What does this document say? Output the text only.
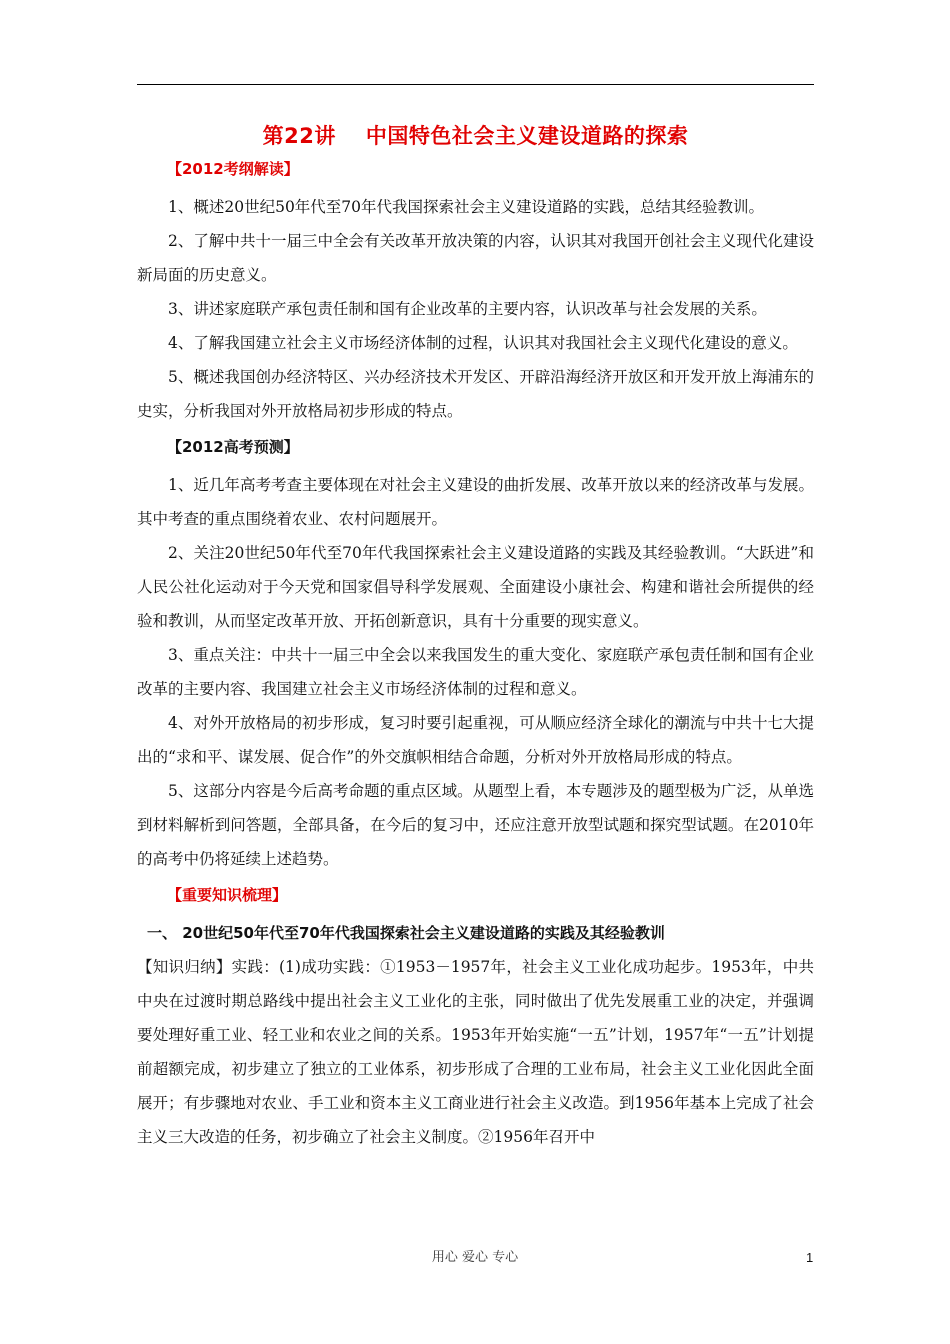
第22讲 中国特色社会主义建设道路的探索
【2012考纲解读】

1、概述20世纪50年代至70年代我国探索社会主义建设道路的实践，总结其经验教训。

2、了解中共十一届三中全会有关改革开放决策的内容，认识其对我国开创社会主义现代化建设新局面的历史意义。

3、讲述家庭联产承包责任制和国有企业改革的主要内容，认识改革与社会发展的关系。

4、了解我国建立社会主义市场经济体制的过程，认识其对我国社会主义现代化建设的意义。

5、概述我国创办经济特区、兴办经济技术开发区、开辟沿海经济开放区和开发开放上海浦东的史实，分析我国对外开放格局初步形成的特点。

【2012高考预测】

1、近几年高考考查主要体现在对社会主义建设的曲折发展、改革开放以来的经济改革与发展。其中考查的重点围绕着农业、农村问题展开。

2、关注20世纪50年代至70年代我国探索社会主义建设道路的实践及其经验教训。“大跃进”和人民公社化运动对于今天党和国家倡导科学发展观、全面建设小康社会、构建和谐社会所提供的经验和教训，从而坚定改革开放、开拓创新意识，具有十分重要的现实意义。

3、重点关注：中共十一届三中全会以来我国发生的重大变化、家庭联产承包责任制和国有企业改革的主要内容、我国建立社会主义市场经济体制的过程和意义。

4、对外开放格局的初步形成，复习时要引起重视，可从顺应经济全球化的潮流与中共十七大提出的“求和平、谋发展、促合作”的外交旗帜相结合命题，分析对外开放格局形成的特点。

5、这部分内容是今后高考命题的重点区域。从题型上看，本专题涉及的题型极为广泛，从单选到材料解析到问答题，全部具备，在今后的复习中，还应注意开放型试题和探究型试题。在2010年的高考中仍将延续上述趋势。

【重要知识梳理】

一、 20世纪50年代至70年代我国探索社会主义建设道路的实践及其经验教训

【知识归纳】实践：(1)成功实践：①1953－1957年，社会主义工业化成功起步。1953年，中共中央在过渡时期总路线中提出社会主义工业化的主张，同时做出了优先发展重工业的决定，并强调要处理好重工业、轻工业和农业之间的关系。1953年开始实施“一五”计划，1957年“一五”计划提前超额完成，初步建立了独立的工业体系，初步形成了合理的工业布局，社会主义工业化因此全面展开；有步骤地对农业、手工业和资本主义工商业进行社会主义改造。到1956年基本上完成了社会主义三大改造的任务，初步确立了社会主义制度。②1956年召开中

用心 爱心 专心	1
